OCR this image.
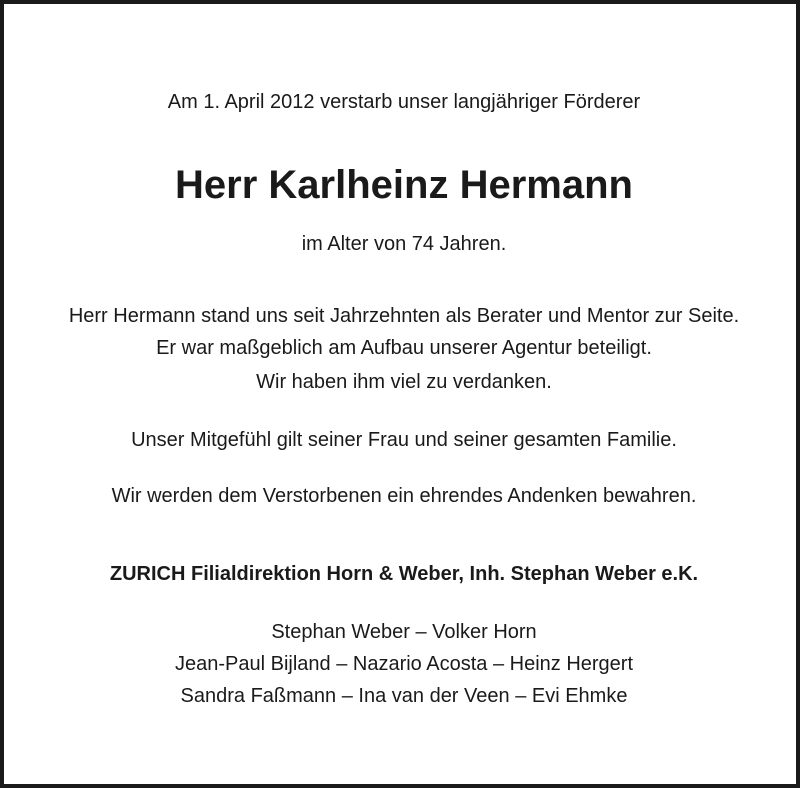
Am 1. April 2012 verstarb unser langjähriger Förderer
Herr Karlheinz Hermann
im Alter von 74 Jahren.
Herr Hermann stand uns seit Jahrzehnten als Berater und Mentor zur Seite.
Er war maßgeblich am Aufbau unserer Agentur beteiligt.
Wir haben ihm viel zu verdanken.
Unser Mitgefühl gilt seiner Frau und seiner gesamten Familie.
Wir werden dem Verstorbenen ein ehrendes Andenken bewahren.
ZURICH Filialdirektion Horn & Weber, Inh. Stephan Weber e.K.
Stephan Weber – Volker Horn
Jean-Paul Bijland – Nazario Acosta – Heinz Hergert
Sandra Faßmann – Ina van der Veen – Evi Ehmke
